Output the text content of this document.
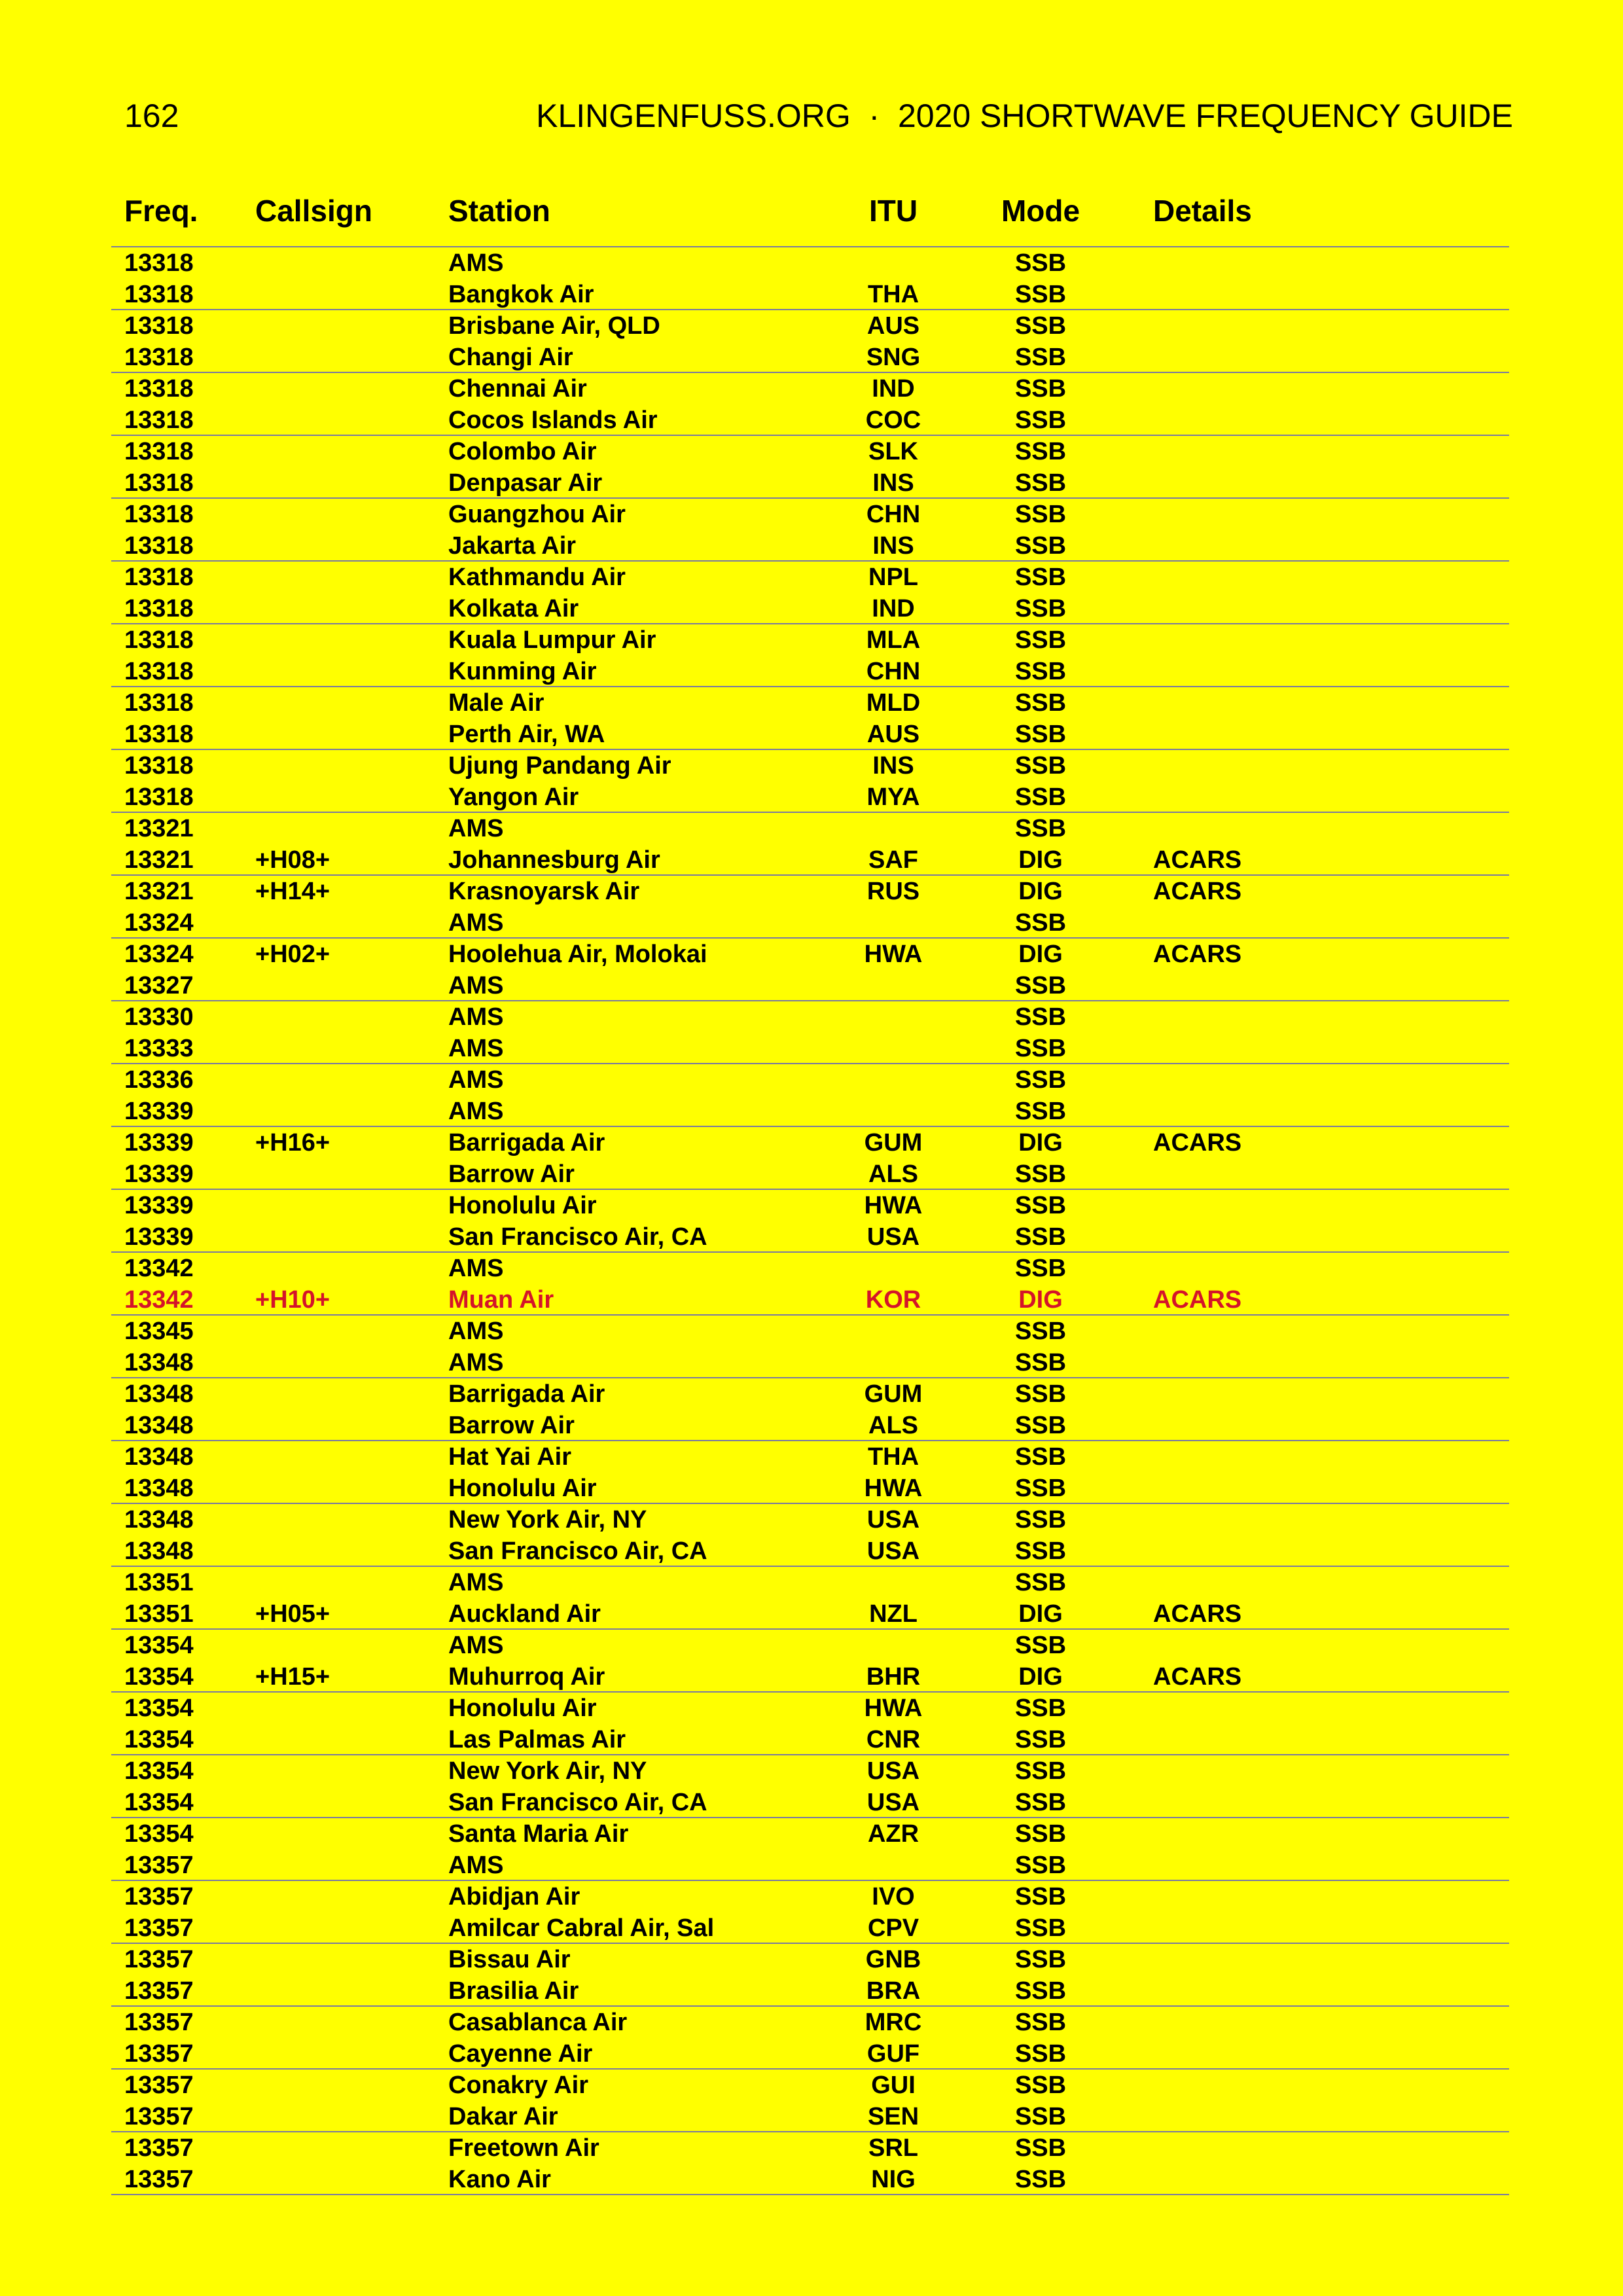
162	KLINGENFUSS.ORG  ·  2020 SHORTWAVE FREQUENCY GUIDE
Freq. Callsign	Station	ITU	Mode Details
13318	AMS	SSB
13318	Bangkok Air	THA	SSB
13318	Brisbane Air, QLD	AUS	SSB
13318	Changi Air	SNG	SSB
13318	Chennai Air	IND	SSB
13318	Cocos Islands Air	COC	SSB
13318	Colombo Air	SLK	SSB
13318	Denpasar Air	INS	SSB
13318	Guangzhou Air	CHN	SSB
13318	Jakarta Air	INS	SSB
13318	Kathmandu Air	NPL	SSB
13318	Kolkata Air	IND	SSB
13318	Kuala Lumpur Air	MLA	SSB
13318	Kunming Air	CHN	SSB
13318	Male Air	MLD	SSB
13318	Perth Air, WA	AUS	SSB
13318	Ujung Pandang Air	INS	SSB
13318	Yangon Air	MYA	SSB
13321	AMS	SSB
13321 +H08+	Johannesburg Air	SAF	DIG	ACARS
13321 +H14+	Krasnoyarsk Air	RUS	DIG	ACARS
13324	AMS	SSB
13324 +H02+	Hoolehua Air, Molokai	HWA	DIG	ACARS
13327	AMS	SSB
13330	AMS	SSB
13333	AMS	SSB
13336	AMS	SSB
13339	AMS	SSB
13339 +H16+	Barrigada Air	GUM	DIG	ACARS
13339	Barrow Air	ALS	SSB
13339	Honolulu Air	HWA	SSB
13339	San Francisco Air, CA	USA	SSB
13342	AMS	SSB
13342 +H10+	Muan Air	KOR	DIG	ACARS
13345	AMS	SSB
13348	AMS	SSB
13348	Barrigada Air	GUM	SSB
13348	Barrow Air	ALS	SSB
13348	Hat Yai Air	THA	SSB
13348	Honolulu Air	HWA	SSB
13348	New York Air, NY	USA	SSB
13348	San Francisco Air, CA	USA	SSB
13351	AMS	SSB
13351 +H05+	Auckland Air	NZL	DIG	ACARS
13354	AMS	SSB
13354 +H15+	Muhurroq Air	BHR	DIG	ACARS
13354	Honolulu Air	HWA	SSB
13354	Las Palmas Air	CNR	SSB
13354	New York Air, NY	USA	SSB
13354	San Francisco Air, CA	USA	SSB
13354	Santa Maria Air	AZR	SSB
13357	AMS	SSB
13357	Abidjan Air	IVO	SSB
13357	Amilcar Cabral Air, Sal	CPV	SSB
13357	Bissau Air	GNB	SSB
13357	Brasilia Air	BRA	SSB
13357	Casablanca Air	MRC	SSB
13357	Cayenne Air	GUF	SSB
13357	Conakry Air	GUI	SSB
13357	Dakar Air	SEN	SSB
13357	Freetown Air	SRL	SSB
13357	Kano Air	NIG	SSB
